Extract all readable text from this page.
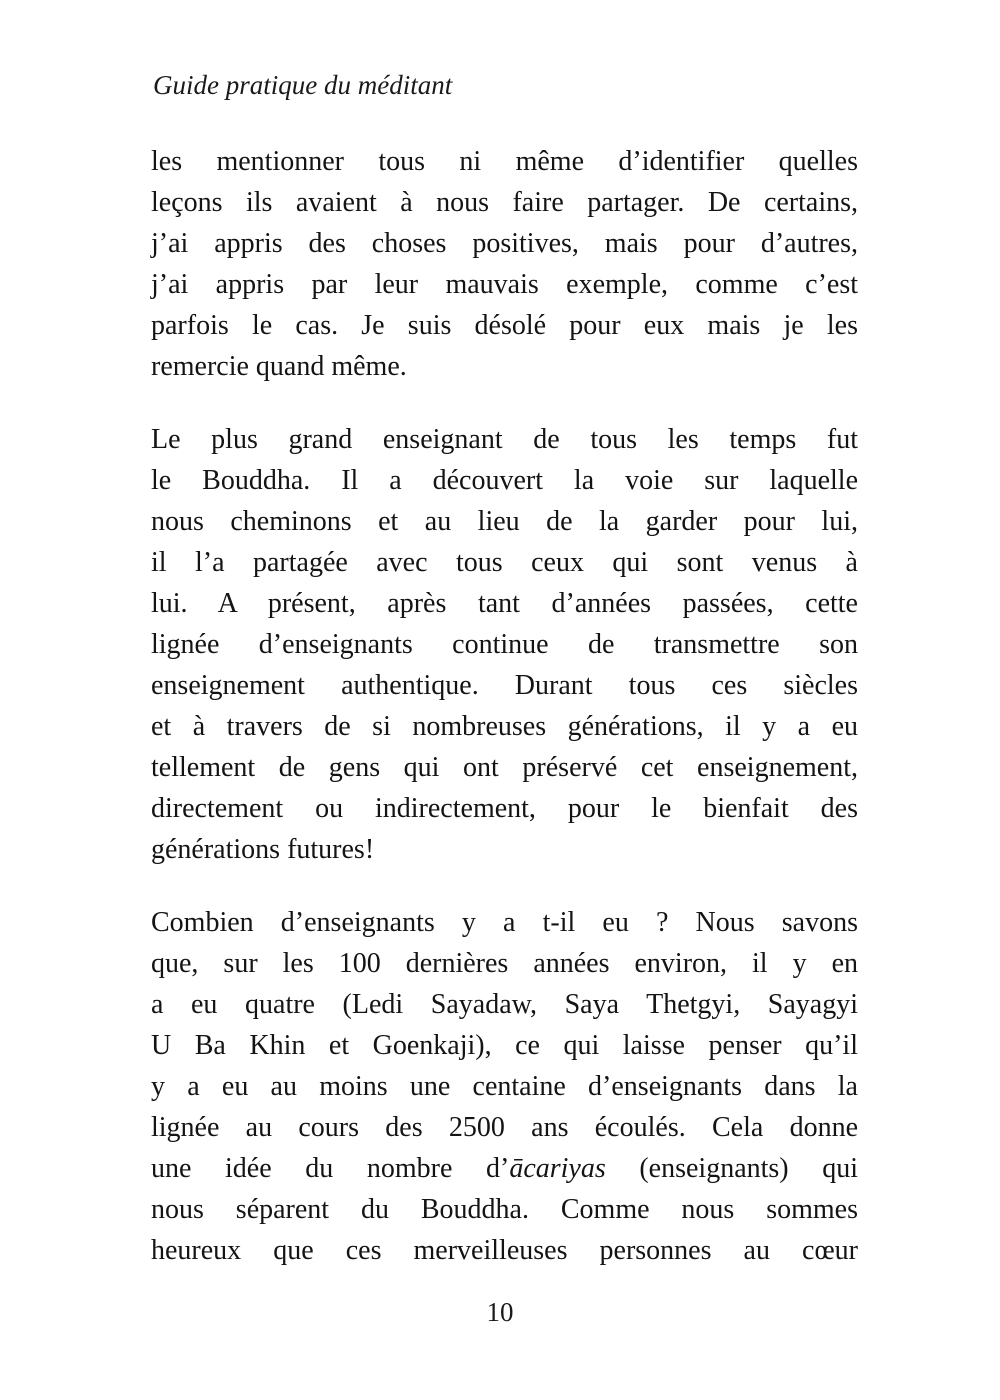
Guide pratique du méditant
les mentionner tous ni même d’identifier quelles
leçons ils avaient à nous faire partager. De certains,
j’ai appris des choses positives, mais pour d’autres,
j’ai appris par leur mauvais exemple, comme c’est
parfois le cas. Je suis désolé pour eux mais je les
remercie quand même.
Le plus grand enseignant de tous les temps fut
le Bouddha. Il a découvert la voie sur laquelle
nous cheminons et au lieu de la garder pour lui,
il l’a partagée avec tous ceux qui sont venus à
lui. A présent, après tant d’années passées, cette
lignée d’enseignants continue de transmettre son
enseignement authentique. Durant tous ces siècles
et à travers de si nombreuses générations, il y a eu
tellement de gens qui ont préservé cet enseignement,
directement ou indirectement, pour le bienfait des
générations futures!
Combien d’enseignants y a t-il eu ? Nous savons
que, sur les 100 dernières années environ, il y en
a eu quatre (Ledi Sayadaw, Saya Thetgyi, Sayagyi
U Ba Khin et Goenkaji), ce qui laisse penser qu’il
y a eu au moins une centaine d’enseignants dans la
lignée au cours des 2500 ans écoulés. Cela donne
une idée du nombre d’ācariyas (enseignants) qui
nous séparent du Bouddha. Comme nous sommes
heureux que ces merveilleuses personnes au cœur
10
